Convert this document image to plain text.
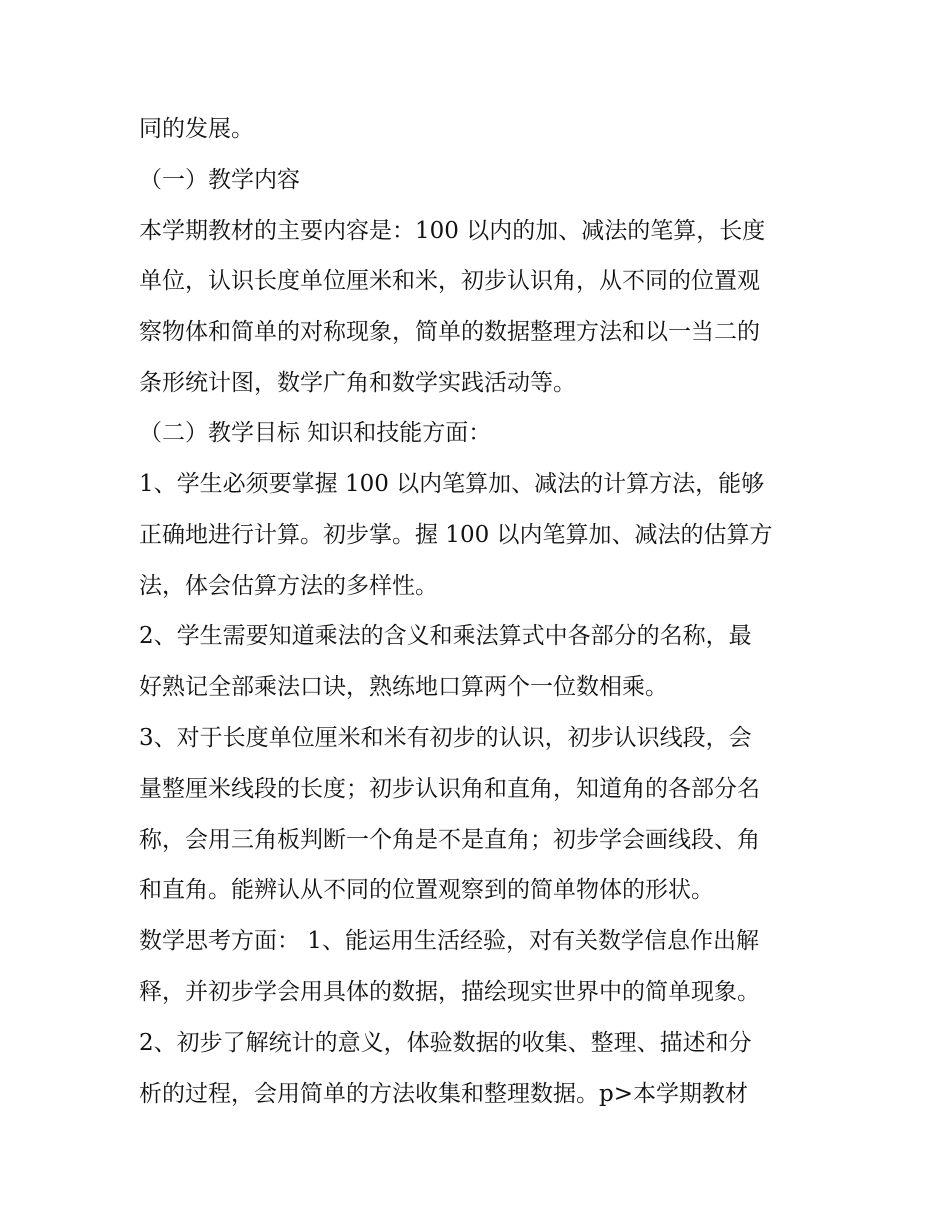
同的发展。
（一）教学内容
本学期教材的主要内容是：100 以内的加、减法的笔算，长度
单位，认识长度单位厘米和米，初步认识角，从不同的位置观
察物体和简单的对称现象，简单的数据整理方法和以一当二的
条形统计图，数学广角和数学实践活动等。
（二）教学目标 知识和技能方面：
1、学生必须要掌握 100 以内笔算加、减法的计算方法，能够
正确地进行计算。初步掌。握 100 以内笔算加、减法的估算方
法，体会估算方法的多样性。
2、学生需要知道乘法的含义和乘法算式中各部分的名称，最
好熟记全部乘法口诀，熟练地口算两个一位数相乘。
3、对于长度单位厘米和米有初步的认识，初步认识线段，会
量整厘米线段的长度；初步认识角和直角，知道角的各部分名
称，会用三角板判断一个角是不是直角；初步学会画线段、角
和直角。能辨认从不同的位置观察到的简单物体的形状。
数学思考方面： 1、能运用生活经验，对有关数学信息作出解
释，并初步学会用具体的数据，描绘现实世界中的简单现象。
2、初步了解统计的意义，体验数据的收集、整理、描述和分
析的过程，会用简单的方法收集和整理数据。p>本学期教材
